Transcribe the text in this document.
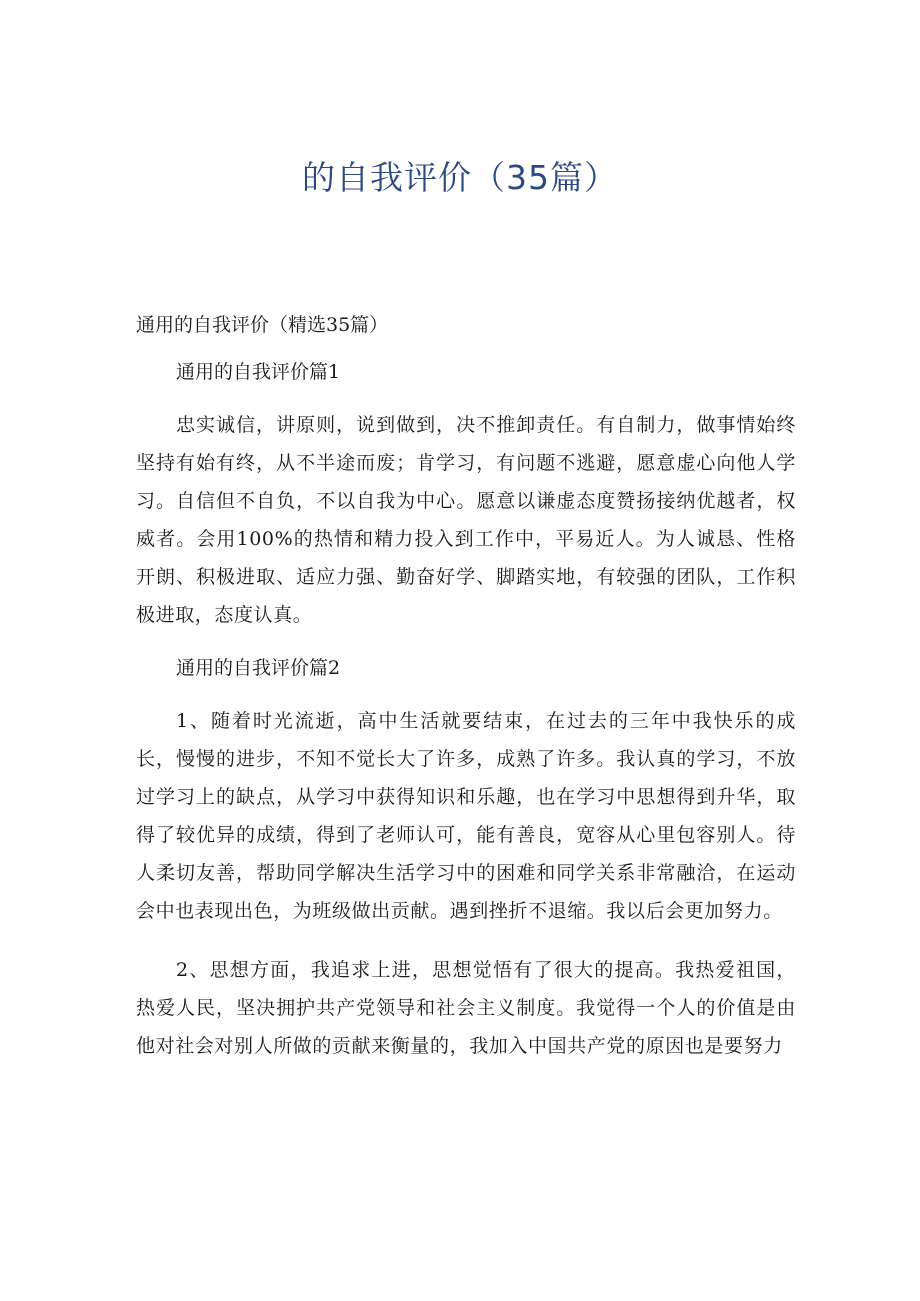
的自我评价（35篇）

通用的自我评价（精选35篇）

通用的自我评价篇1

忠实诚信，讲原则，说到做到，决不推卸责任。有自制力，做事情始终坚持有始有终，从不半途而废；肯学习，有问题不逃避，愿意虚心向他人学习。自信但不自负，不以自我为中心。愿意以谦虚态度赞扬接纳优越者，权威者。会用100%的热情和精力投入到工作中，平易近人。为人诚恳、性格开朗、积极进取、适应力强、勤奋好学、脚踏实地，有较强的团队，工作积极进取，态度认真。

通用的自我评价篇2

1、随着时光流逝，高中生活就要结束，在过去的三年中我快乐的成长，慢慢的进步，不知不觉长大了许多，成熟了许多。我认真的学习，不放过学习上的缺点，从学习中获得知识和乐趣，也在学习中思想得到升华，取得了较优异的成绩，得到了老师认可，能有善良，宽容从心里包容别人。待人柔切友善，帮助同学解决生活学习中的困难和同学关系非常融洽，在运动会中也表现出色，为班级做出贡献。遇到挫折不退缩。我以后会更加努力。

2、思想方面，我追求上进，思想觉悟有了很大的提高。我热爱祖国，热爱人民，坚决拥护共产党领导和社会主义制度。我觉得一个人的价值是由他对社会对别人所做的贡献来衡量的，我加入中国共产党的原因也是要努力
